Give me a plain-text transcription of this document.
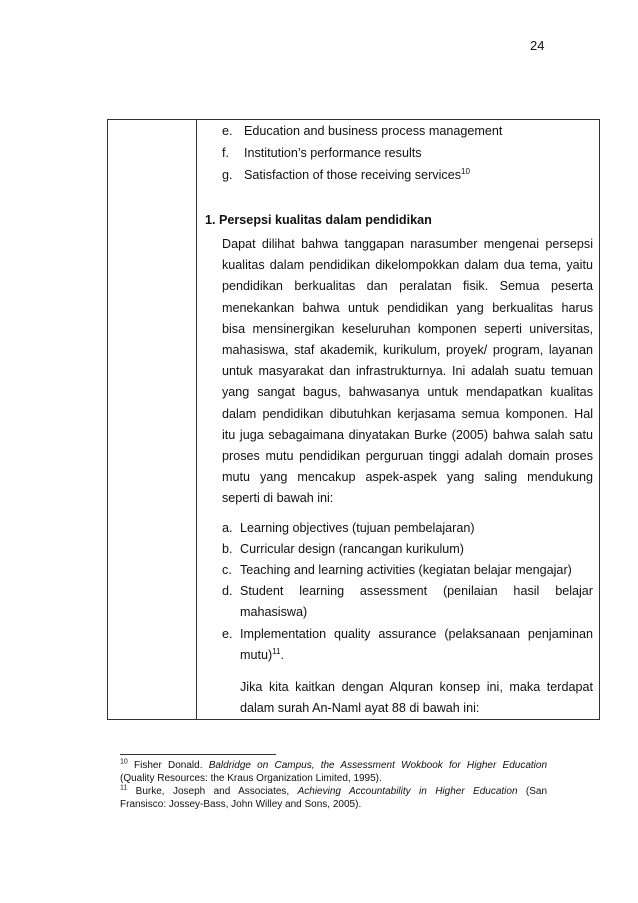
24
e. Education and business process management
f. Institution’s performance results
g. Satisfaction of those receiving services$^{10}$
1. Persepsi kualitas dalam pendidikan
Dapat dilihat bahwa tanggapan narasumber mengenai persepsi
kualitas dalam pendidikan dikelompokkan dalam dua tema, yaitu
pendidikan berkualitas dan peralatan fisik. Semua peserta
menekankan bahwa untuk pendidikan yang berkualitas harus
bisa mensinergikan keseluruhan komponen seperti universitas,
mahasiswa, staf akademik, kurikulum, proyek/ program, layanan
untuk masyarakat dan infrastrukturnya. Ini adalah suatu temuan
yang sangat bagus, bahwasanya untuk mendapatkan kualitas
dalam pendidikan dibutuhkan kerjasama semua komponen. Hal
itu juga sebagaimana dinyatakan Burke (2005) bahwa salah satu
proses mutu pendidikan perguruan tinggi adalah domain proses
mutu yang mencakup aspek-aspek yang saling mendukung
seperti di bawah ini:
a. Learning objectives (tujuan pembelajaran)
b. Curricular design (rancangan kurikulum)
c. Teaching and learning activities (kegiatan belajar mengajar)
d. Student learning assessment (penilaian hasil belajar
mahasiswa)
e. Implementation quality assurance (pelaksanaan penjaminan
mutu)$^{11}$.
Jika kita kaitkan dengan Alquran konsep ini, maka terdapat
dalam surah An-Naml ayat 88 di bawah ini:
$^{10}$ Fisher Donald. Baldridge on Campus, the Assessment Wokbook for Higher Education
(Quality Resources: the Kraus Organization Limited, 1995).
$^{11}$ Burke, Joseph and Associates, Achieving Accountability in Higher Education (San
Fransisco: Jossey-Bass, John Willey and Sons, 2005).
